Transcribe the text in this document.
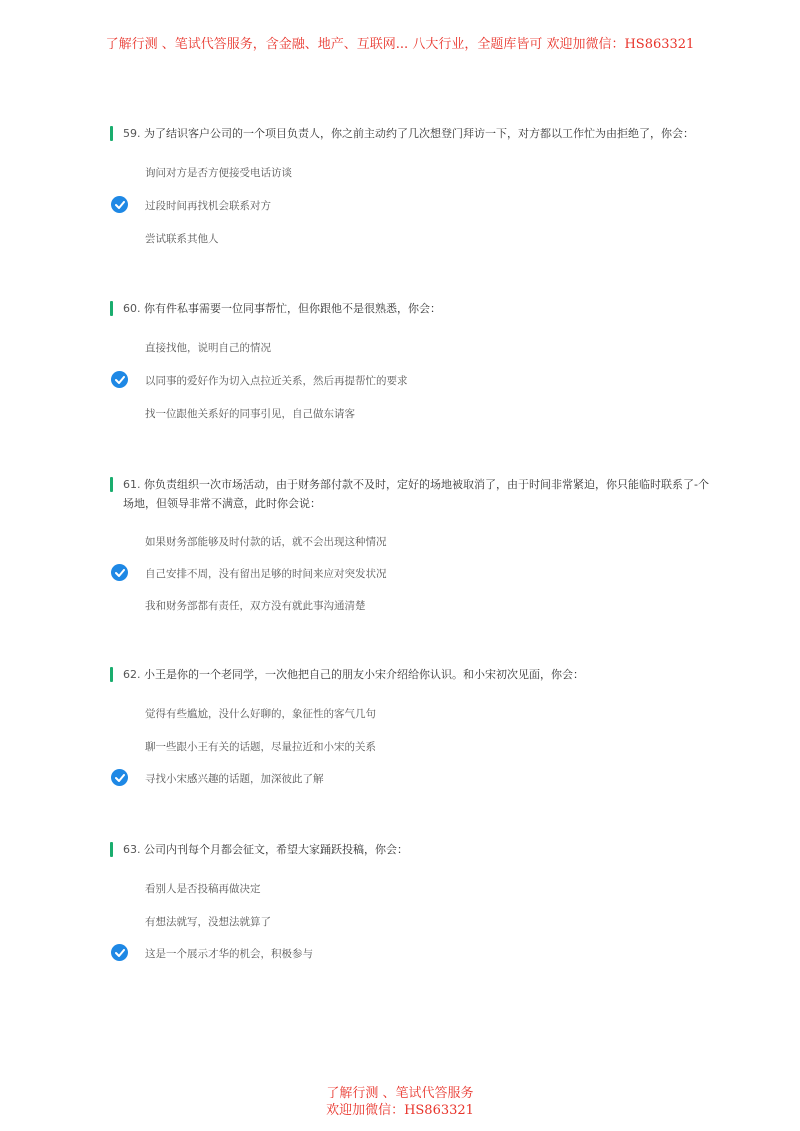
了解行测 、笔试代答服务，含金融、地产、互联网... 八大行业，全题库皆可 欢迎加微信：HS863321
59. 为了结识客户公司的一个项目负责人，你之前主动约了几次想登门拜访一下，对方都以工作忙为由拒绝了，你会：
询问对方是否方便接受电话访谈
过段时间再找机会联系对方
尝试联系其他人
60. 你有件私事需要一位同事帮忙，但你跟他不是很熟悉，你会：
直接找他，说明自己的情况
以同事的爱好作为切入点拉近关系，然后再提帮忙的要求
找一位跟他关系好的同事引见，自己做东请客
61. 你负责组织一次市场活动，由于财务部付款不及时，定好的场地被取消了，由于时间非常紧迫，你只能临时联系了-个场地，但领导非常不满意，此时你会说：
如果财务部能够及时付款的话，就不会出现这种情况
自己安排不周，没有留出足够的时间来应对突发状况
我和财务部都有责任，双方没有就此事沟通清楚
62. 小王是你的一个老同学，一次他把自己的朋友小宋介绍给你认识。和小宋初次见面，你会：
觉得有些尴尬，没什么好聊的，象征性的客气几句
聊一些跟小王有关的话题，尽量拉近和小宋的关系
寻找小宋感兴趣的话题，加深彼此了解
63. 公司内刊每个月都会征文，希望大家踊跃投稿，你会：
看别人是否投稿再做决定
有想法就写，没想法就算了
这是一个展示才华的机会，积极参与
了解行测 、笔试代答服务
欢迎加微信：HS863321
